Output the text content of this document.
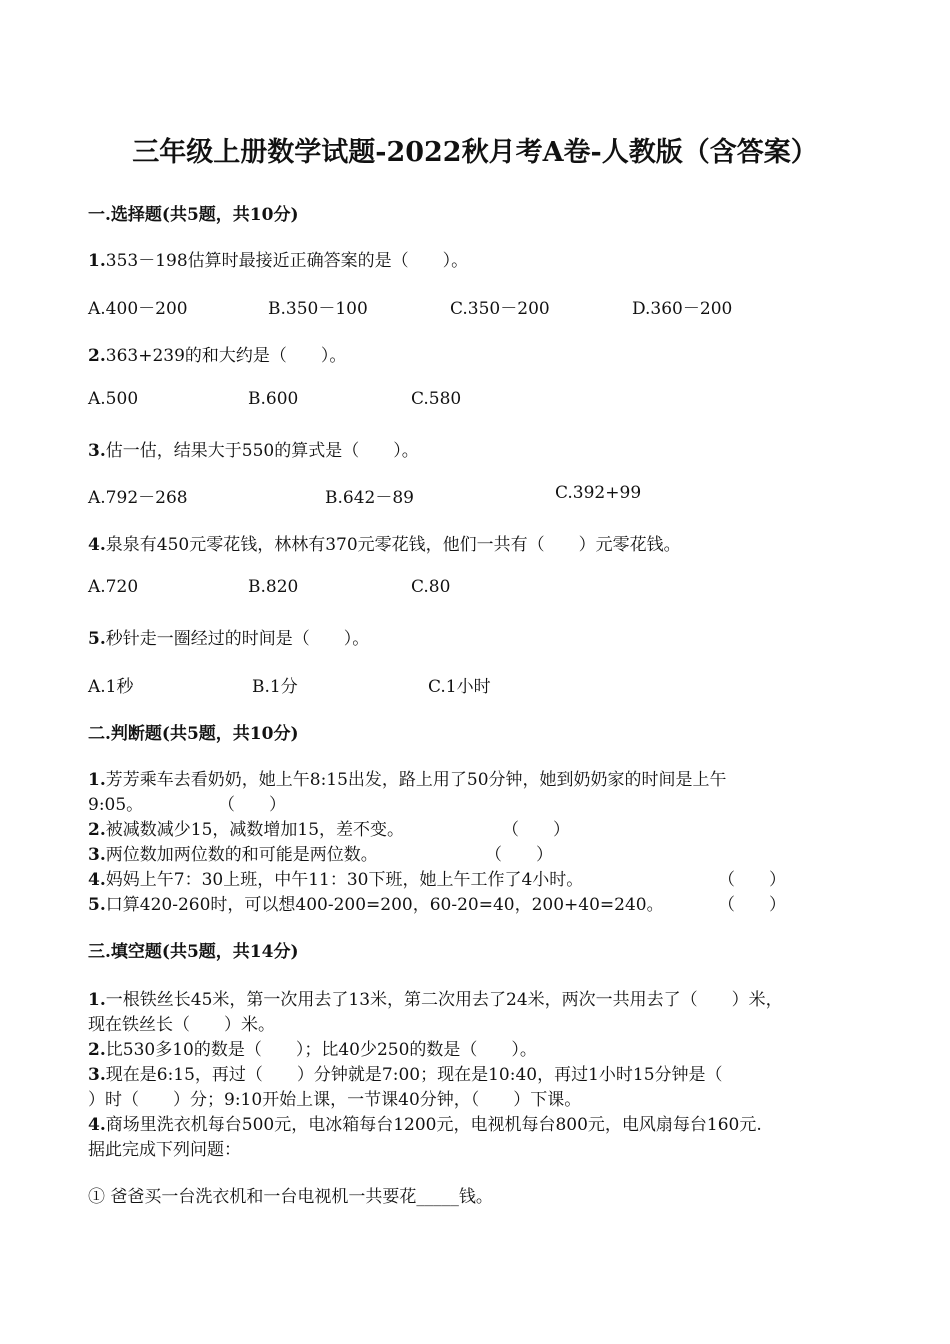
三年级上册数学试题-2022秋月考A卷-人教版（含答案）
一.选择题(共5题，共10分)
1.353－198估算时最接近正确答案的是（　　）。
A.400－200	B.350－100	C.350－200	D.360－200
2.363+239的和大约是（　　）。
A.500	B.600	C.580
3.估一估，结果大于550的算式是（　　）。
A.792－268	B.642－89	C.392+99
4.泉泉有450元零花钱，林林有370元零花钱，他们一共有（　　）元零花钱。
A.720	B.820	C.80
5.秒针走一圈经过的时间是（　　）。
A.1秒	B.1分	C.1小时
二.判断题(共5题，共10分)
1.芳芳乘车去看奶奶，她上午8:15出发，路上用了50分钟，她到奶奶家的时间是上午
9:05。	（　　）
2.被减数减少15，减数增加15，差不变。	（　　）
3.两位数加两位数的和可能是两位数。	（　　）
4.妈妈上午7：30上班，中午11：30下班，她上午工作了4小时。	（　　）
5.口算420-260时，可以想400-200=200，60-20=40，200+40=240。	（　　）
三.填空题(共5题，共14分)
1.一根铁丝长45米，第一次用去了13米，第二次用去了24米，两次一共用去了（　　）米，
现在铁丝长（　　）米。
2.比530多10的数是（　　）；比40少250的数是（　　）。
3.现在是6:15，再过（　　）分钟就是7:00；现在是10:40，再过1小时15分钟是（
）时（　　）分；9:10开始上课，一节课40分钟，（　　）下课。
4.商场里洗衣机每台500元，电冰箱每台1200元，电视机每台800元，电风扇每台160元.
据此完成下列问题：
① 爸爸买一台洗衣机和一台电视机一共要花_____钱。
